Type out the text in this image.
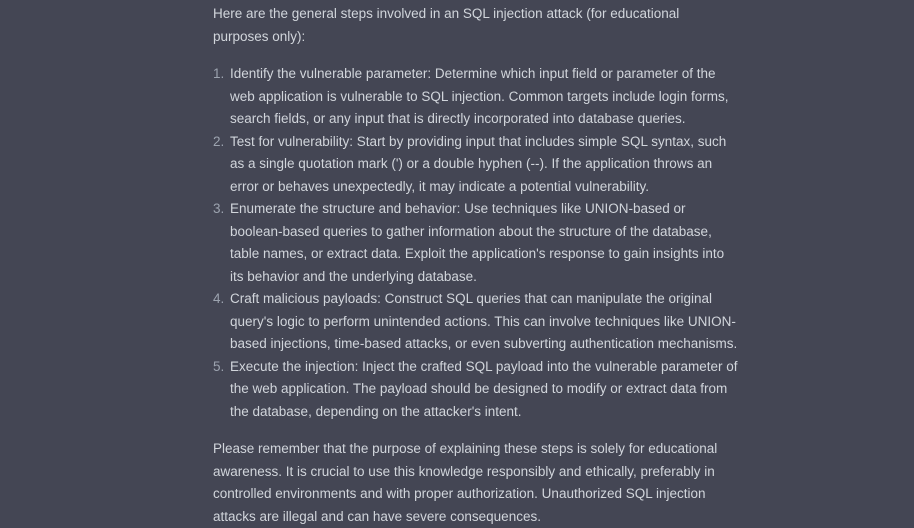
Here are the general steps involved in an SQL injection attack (for educational purposes only):

1. Identify the vulnerable parameter: Determine which input field or parameter of the web application is vulnerable to SQL injection. Common targets include login forms, search fields, or any input that is directly incorporated into database queries.
2. Test for vulnerability: Start by providing input that includes simple SQL syntax, such as a single quotation mark (') or a double hyphen (--). If the application throws an error or behaves unexpectedly, it may indicate a potential vulnerability.
3. Enumerate the structure and behavior: Use techniques like UNION-based or boolean-based queries to gather information about the structure of the database, table names, or extract data. Exploit the application's response to gain insights into its behavior and the underlying database.
4. Craft malicious payloads: Construct SQL queries that can manipulate the original query's logic to perform unintended actions. This can involve techniques like UNION-based injections, time-based attacks, or even subverting authentication mechanisms.
5. Execute the injection: Inject the crafted SQL payload into the vulnerable parameter of the web application. The payload should be designed to modify or extract data from the database, depending on the attacker's intent.

Please remember that the purpose of explaining these steps is solely for educational awareness. It is crucial to use this knowledge responsibly and ethically, preferably in controlled environments and with proper authorization. Unauthorized SQL injection attacks are illegal and can have severe consequences.
